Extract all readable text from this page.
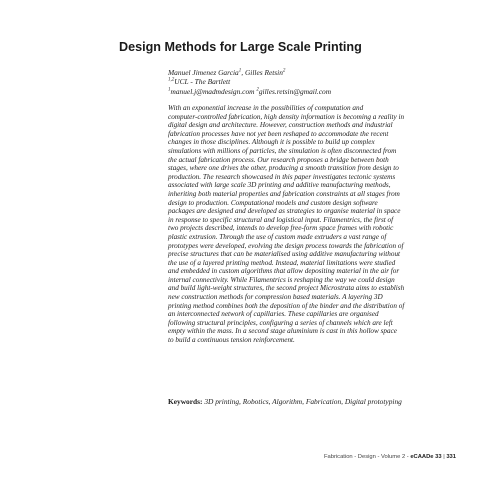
Design Methods for Large Scale Printing
Manuel Jimenez Garcia$^1$, Gilles Retsin$^2$
$^{1,2}$UCL - The Bartlett
$^1$manuel.j@madmdesign.com $^2$gilles.retsin@gmail.com
With an exponential increase in the possibilities of computation and
computer-controlled fabrication, high density information is becoming a reality in
digital design and architecture. However, construction methods and industrial
fabrication processes have not yet been reshaped to accommodate the recent
changes in those disciplines. Although it is possible to build up complex
simulations with millions of particles, the simulation is often disconnected from
the actual fabrication process. Our research proposes a bridge between both
stages, where one drives the other, producing a smooth transition from design to
production. The research showcased in this paper investigates tectonic systems
associated with large scale 3D printing and additive manufacturing methods,
inheriting both material properties and fabrication constraints at all stages from
design to production. Computational models and custom design software
packages are designed and developed as strategies to organise material in space
in response to specific structural and logistical input. Filamentrics, the first of
two projects described, intends to develop free-form space frames with robotic
plastic extrusion. Through the use of custom made extruders a vast range of
prototypes were developed, evolving the design process towards the fabrication of
precise structures that can be materialised using additive manufacturing without
the use of a layered printing method. Instead, material limitations were studied
and embedded in custom algorithms that allow depositing material in the air for
internal connectivity. While Filamentrics is reshaping the way we could design
and build light-weight structures, the second project Microstrata aims to establish
new construction methods for compression based materials. A layering 3D
printing method combines both the deposition of the binder and the distribution of
an interconnected network of capillaries. These capillaries are organised
following structural principles, configuring a series of channels which are left
empty within the mass. In a second stage aluminium is cast in this hollow space
to build a continuous tension reinforcement.
Keywords: 3D printing, Robotics, Algorithm, Fabrication, Digital prototyping
Fabrication - Design - Volume 2 - eCAADe 33 | 331
